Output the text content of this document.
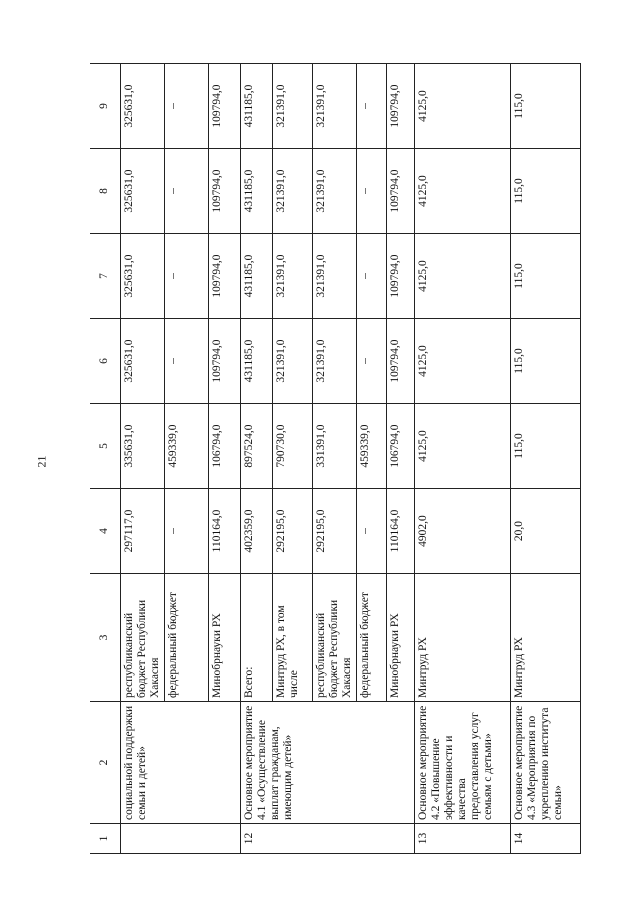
21
1	2	3	4	5	6	7	8	9
	социальной поддержки семьи и детей»	республиканский бюджет Республики Хакасия	297117,0	335631,0	325631,0	325631,0	325631,0	325631,0
		федеральный бюджет	–	459339,0	–	–	–	–
		Минобрнауки РХ	110164,0	106794,0	109794,0	109794,0	109794,0	109794,0
12	Основное мероприятие 4.1 «Осуществление выплат гражданам, имеющим детей»	Всего:	402359,0	897524,0	431185,0	431185,0	431185,0	431185,0
		Минтруд РХ, в том числе	292195,0	790730,0	321391,0	321391,0	321391,0	321391,0
		республиканский бюджет Республики Хакасия	292195,0	331391,0	321391,0	321391,0	321391,0	321391,0
		федеральный бюджет	–	459339,0	–	–	–	–
		Минобрнауки РХ	110164,0	106794,0	109794,0	109794,0	109794,0	109794,0
13	Основное мероприятие 4.2 «Повышение эффективности и качества предоставления услуг семьям с детьми»	Минтруд РХ	4902,0	4125,0	4125,0	4125,0	4125,0	4125,0
14	Основное мероприятие 4.3 «Мероприятия по укреплению института семьи»	Минтруд РХ	20,0	115,0	115,0	115,0	115,0	115,0
